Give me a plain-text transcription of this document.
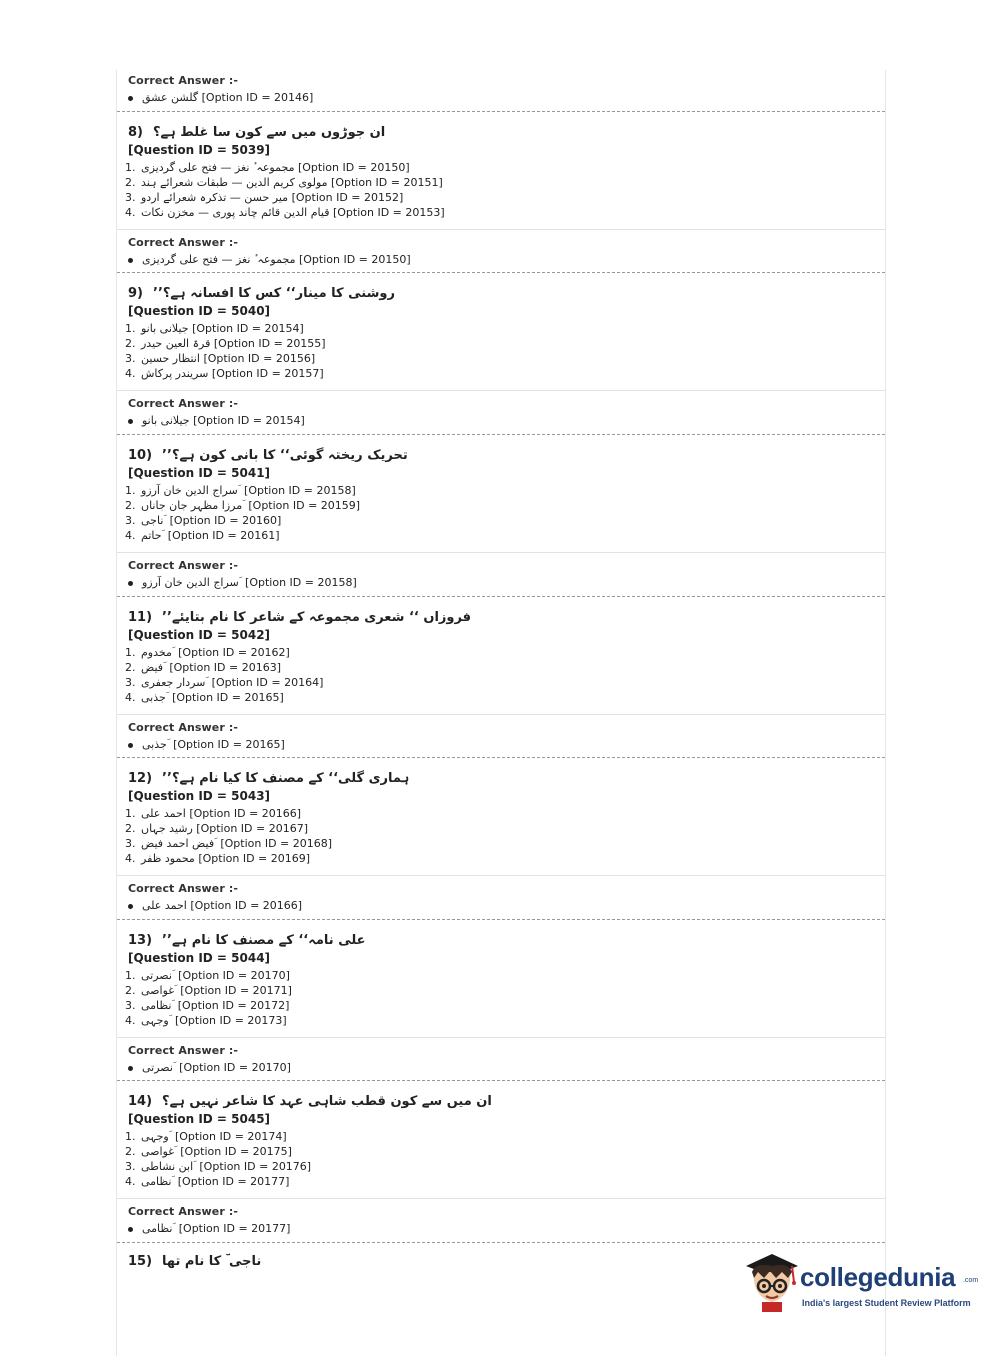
Correct Answer :-
گلشن عشق [Option ID = 20146]
8) ان جوڑوں میں سے کون سا غلط ہے؟
[Question ID = 5039]
1. مجموعہ ٔ نغز — فتح علی گردیزی [Option ID = 20150]
2. مولوی کریم الدین — طبقات شعرائے ہند [Option ID = 20151]
3. میر حسن — تذکرہ شعرائے اردو [Option ID = 20152]
4. قیام الدین قائم چاند پوری — مخزن نکات [Option ID = 20153]
Correct Answer :-
مجموعہ ٔ نغز — فتح علی گردیزی [Option ID = 20150]
9) ’’روشنی کا مینار‘‘ کس کا افسانہ ہے؟
[Question ID = 5040]
1. جیلانی بانو [Option ID = 20154]
2. قرۃ العین حیدر [Option ID = 20155]
3. انتظار حسین [Option ID = 20156]
4. سریندر پرکاش [Option ID = 20157]
Correct Answer :-
جیلانی بانو [Option ID = 20154]
10) ’’تحریک ریختہ گوئی‘‘ کا بانی کون ہے؟
[Question ID = 5041]
1. سراج الدین خان آرزو ؔ [Option ID = 20158]
2. مرزا مظہر جان جاناں ؔ [Option ID = 20159]
3. ناجی ؔ [Option ID = 20160]
4. حاتم ؔ [Option ID = 20161]
Correct Answer :-
سراج الدین خان آرزو ؔ [Option ID = 20158]
11) ’’فروزاں ‘‘ شعری مجموعہ کے شاعر کا نام بتایئے
[Question ID = 5042]
1. مخدوم ؔ [Option ID = 20162]
2. فیض ؔ [Option ID = 20163]
3. سردار جعفری ؔ [Option ID = 20164]
4. جذبی ؔ [Option ID = 20165]
Correct Answer :-
جذبی ؔ [Option ID = 20165]
12) ’’ہماری گلی‘‘ کے مصنف کا کیا نام ہے؟
[Question ID = 5043]
1. احمد علی [Option ID = 20166]
2. رشید جہاں [Option ID = 20167]
3. فیض احمد فیض ؔ [Option ID = 20168]
4. محمود ظفر [Option ID = 20169]
Correct Answer :-
احمد علی [Option ID = 20166]
13) ’’علی نامہ‘‘ کے مصنف کا نام ہے
[Question ID = 5044]
1. نصرتی ؔ [Option ID = 20170]
2. غواصی ؔ [Option ID = 20171]
3. نظامی ؔ [Option ID = 20172]
4. وجہی ؔ [Option ID = 20173]
Correct Answer :-
نصرتی ؔ [Option ID = 20170]
14) ان میں سے کون قطب شاہی عہد کا شاعر نہیں ہے؟
[Question ID = 5045]
1. وجہی ؔ [Option ID = 20174]
2. غواصی ؔ [Option ID = 20175]
3. ابن نشاطی ؔ [Option ID = 20176]
4. نظامی ؔ [Option ID = 20177]
Correct Answer :-
نظامی ؔ [Option ID = 20177]
15) ناجی ؔ کا نام تھا
collegedunia .com
India's largest Student Review Platform
